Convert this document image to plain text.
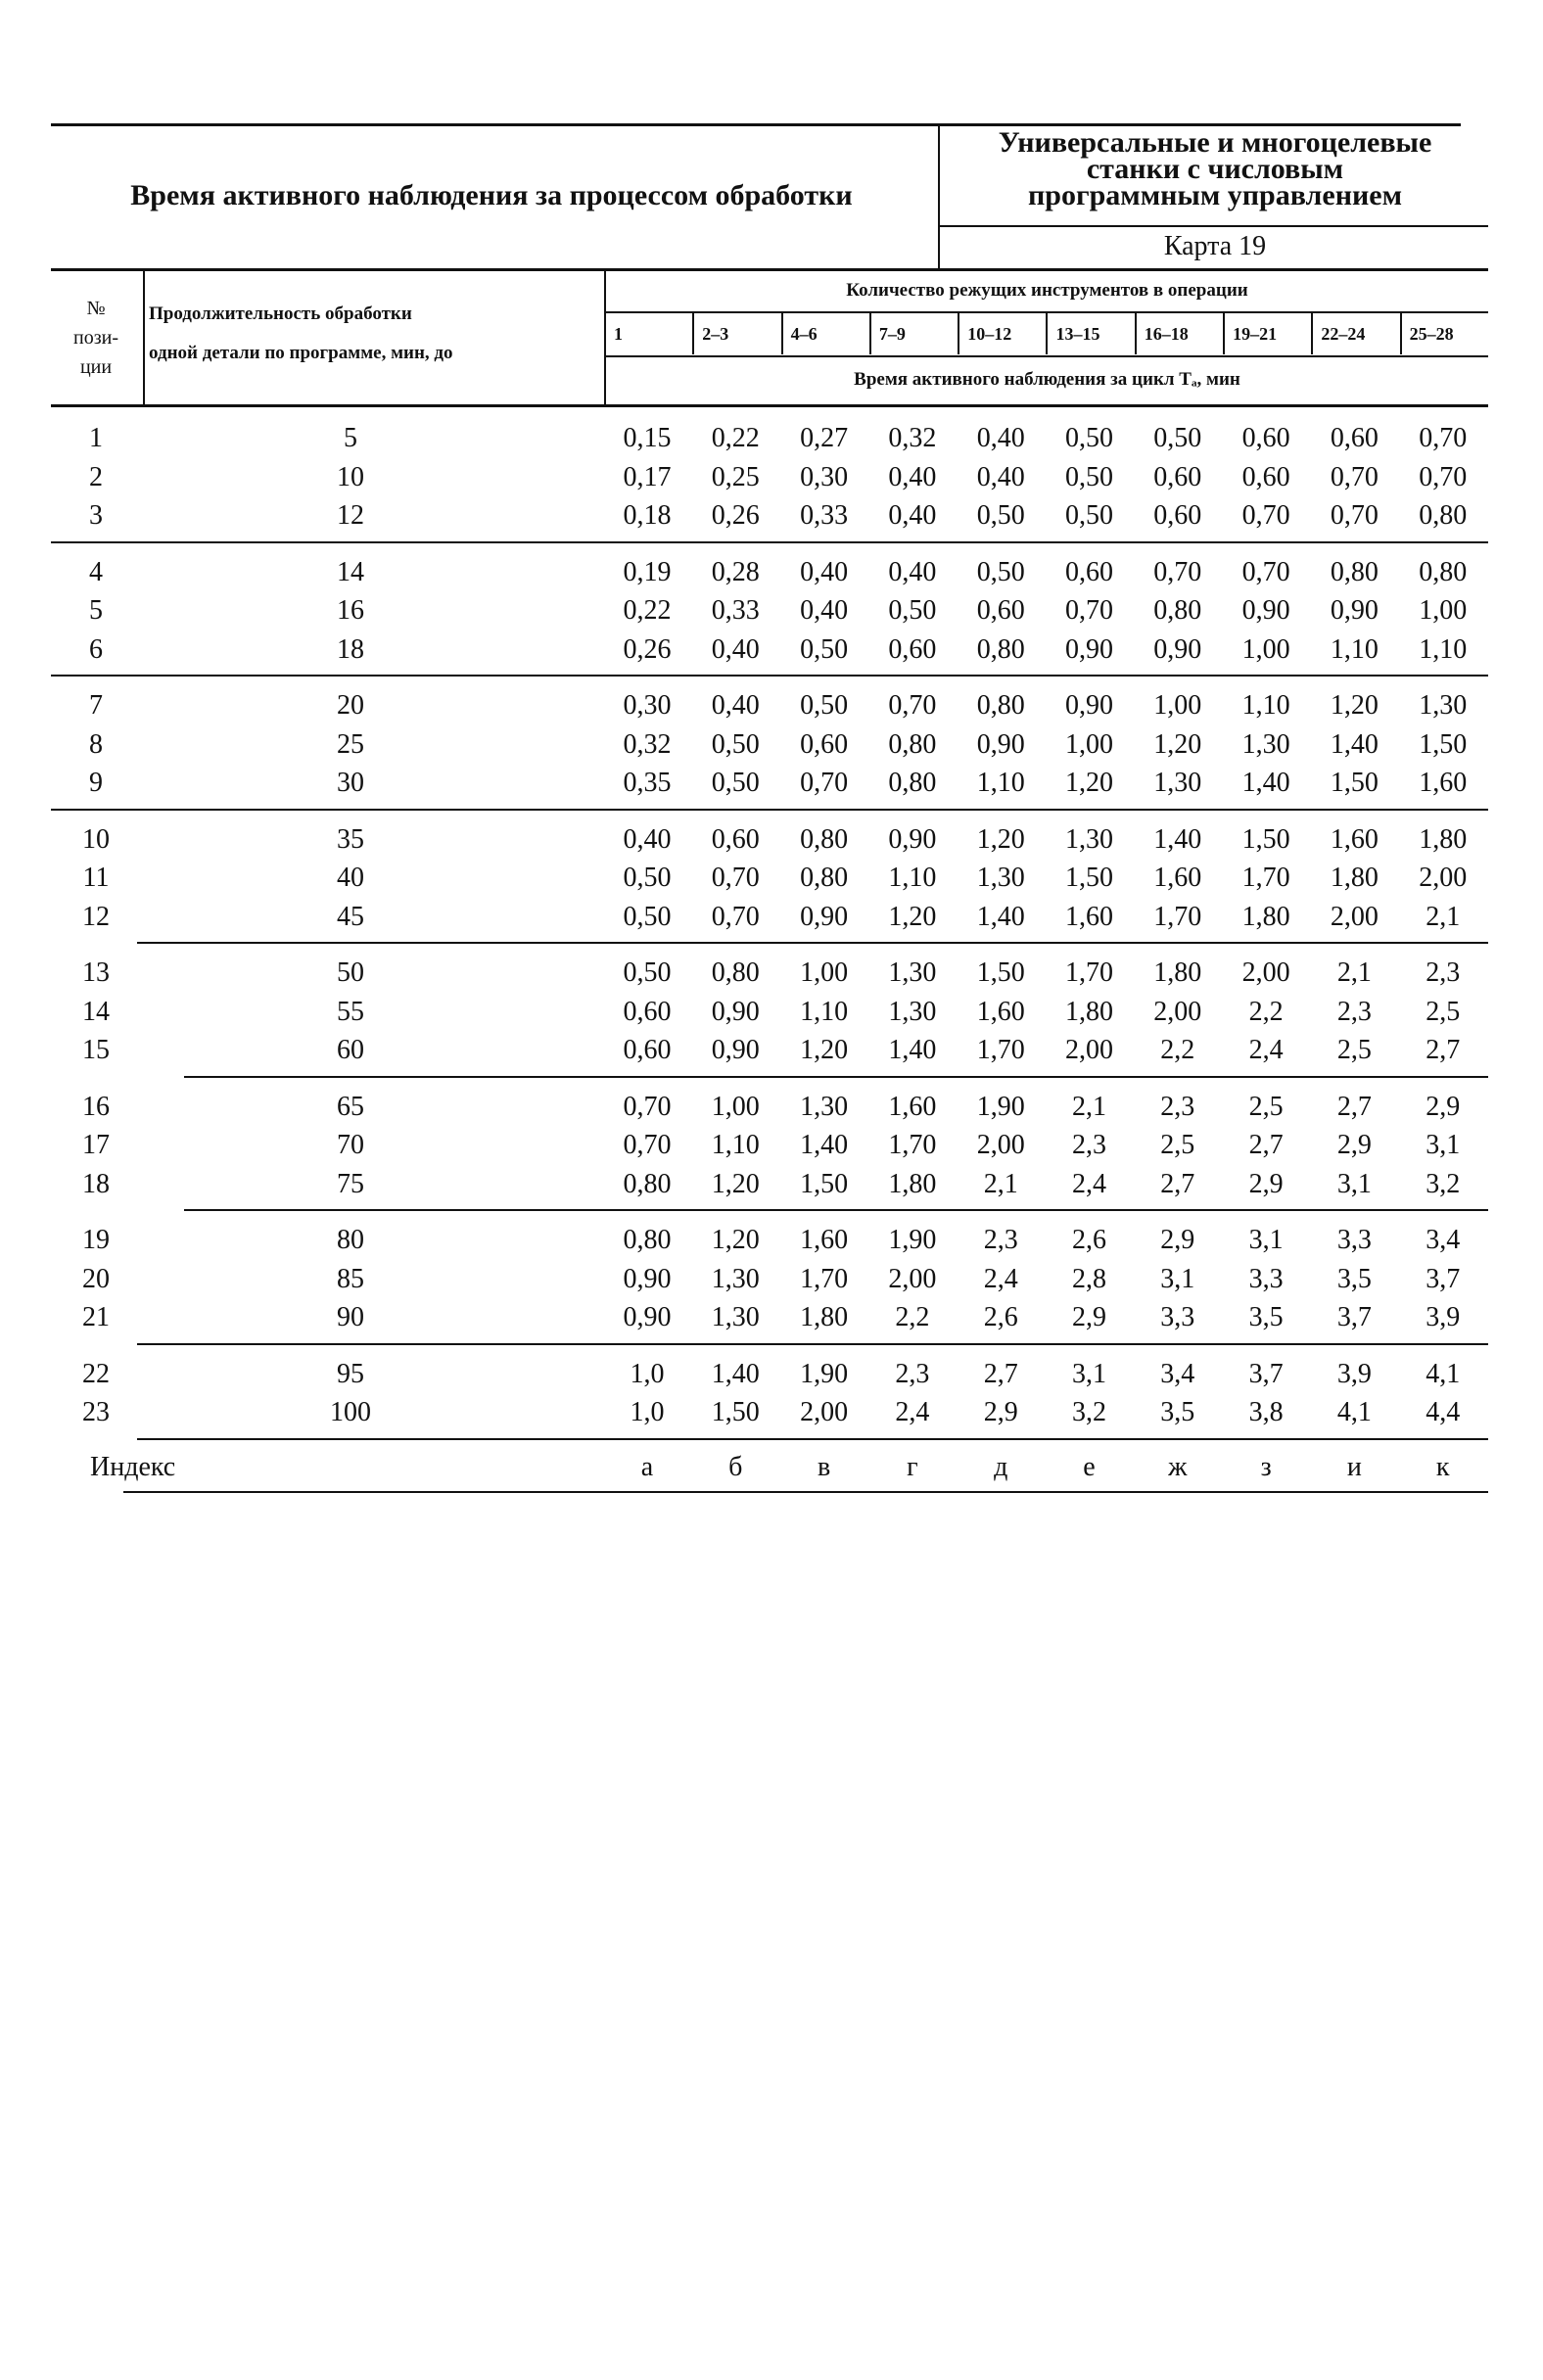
Время активного наблюдения за процессом обработки
Универсальные и многоцелевые
станки с числовым
программным управлением
Карта 19
№
пози-
ции
Продолжительность обработки
одной детали по программе, мин, до
Количество режущих инструментов в операции
1	2–3	4–6	7–9	10–12	13–15	16–18	19–21	22–24	25–28
Время активного наблюдения за цикл Тₐ, мин
1	5	0,15	0,22	0,27	0,32	0,40	0,50	0,50	0,60	0,60	0,70
2	10	0,17	0,25	0,30	0,40	0,40	0,50	0,60	0,60	0,70	0,70
3	12	0,18	0,26	0,33	0,40	0,50	0,50	0,60	0,70	0,70	0,80
4	14	0,19	0,28	0,40	0,40	0,50	0,60	0,70	0,70	0,80	0,80
5	16	0,22	0,33	0,40	0,50	0,60	0,70	0,80	0,90	0,90	1,00
6	18	0,26	0,40	0,50	0,60	0,80	0,90	0,90	1,00	1,10	1,10
7	20	0,30	0,40	0,50	0,70	0,80	0,90	1,00	1,10	1,20	1,30
8	25	0,32	0,50	0,60	0,80	0,90	1,00	1,20	1,30	1,40	1,50
9	30	0,35	0,50	0,70	0,80	1,10	1,20	1,30	1,40	1,50	1,60
10	35	0,40	0,60	0,80	0,90	1,20	1,30	1,40	1,50	1,60	1,80
11	40	0,50	0,70	0,80	1,10	1,30	1,50	1,60	1,70	1,80	2,00
12	45	0,50	0,70	0,90	1,20	1,40	1,60	1,70	1,80	2,00	2,1
13	50	0,50	0,80	1,00	1,30	1,50	1,70	1,80	2,00	2,1	2,3
14	55	0,60	0,90	1,10	1,30	1,60	1,80	2,00	2,2	2,3	2,5
15	60	0,60	0,90	1,20	1,40	1,70	2,00	2,2	2,4	2,5	2,7
16	65	0,70	1,00	1,30	1,60	1,90	2,1	2,3	2,5	2,7	2,9
17	70	0,70	1,10	1,40	1,70	2,00	2,3	2,5	2,7	2,9	3,1
18	75	0,80	1,20	1,50	1,80	2,1	2,4	2,7	2,9	3,1	3,2
19	80	0,80	1,20	1,60	1,90	2,3	2,6	2,9	3,1	3,3	3,4
20	85	0,90	1,30	1,70	2,00	2,4	2,8	3,1	3,3	3,5	3,7
21	90	0,90	1,30	1,80	2,2	2,6	2,9	3,3	3,5	3,7	3,9
22	95	1,0	1,40	1,90	2,3	2,7	3,1	3,4	3,7	3,9	4,1
23	100	1,0	1,50	2,00	2,4	2,9	3,2	3,5	3,8	4,1	4,4
Индекс	а	б	в	г	д	е	ж	з	и	к
